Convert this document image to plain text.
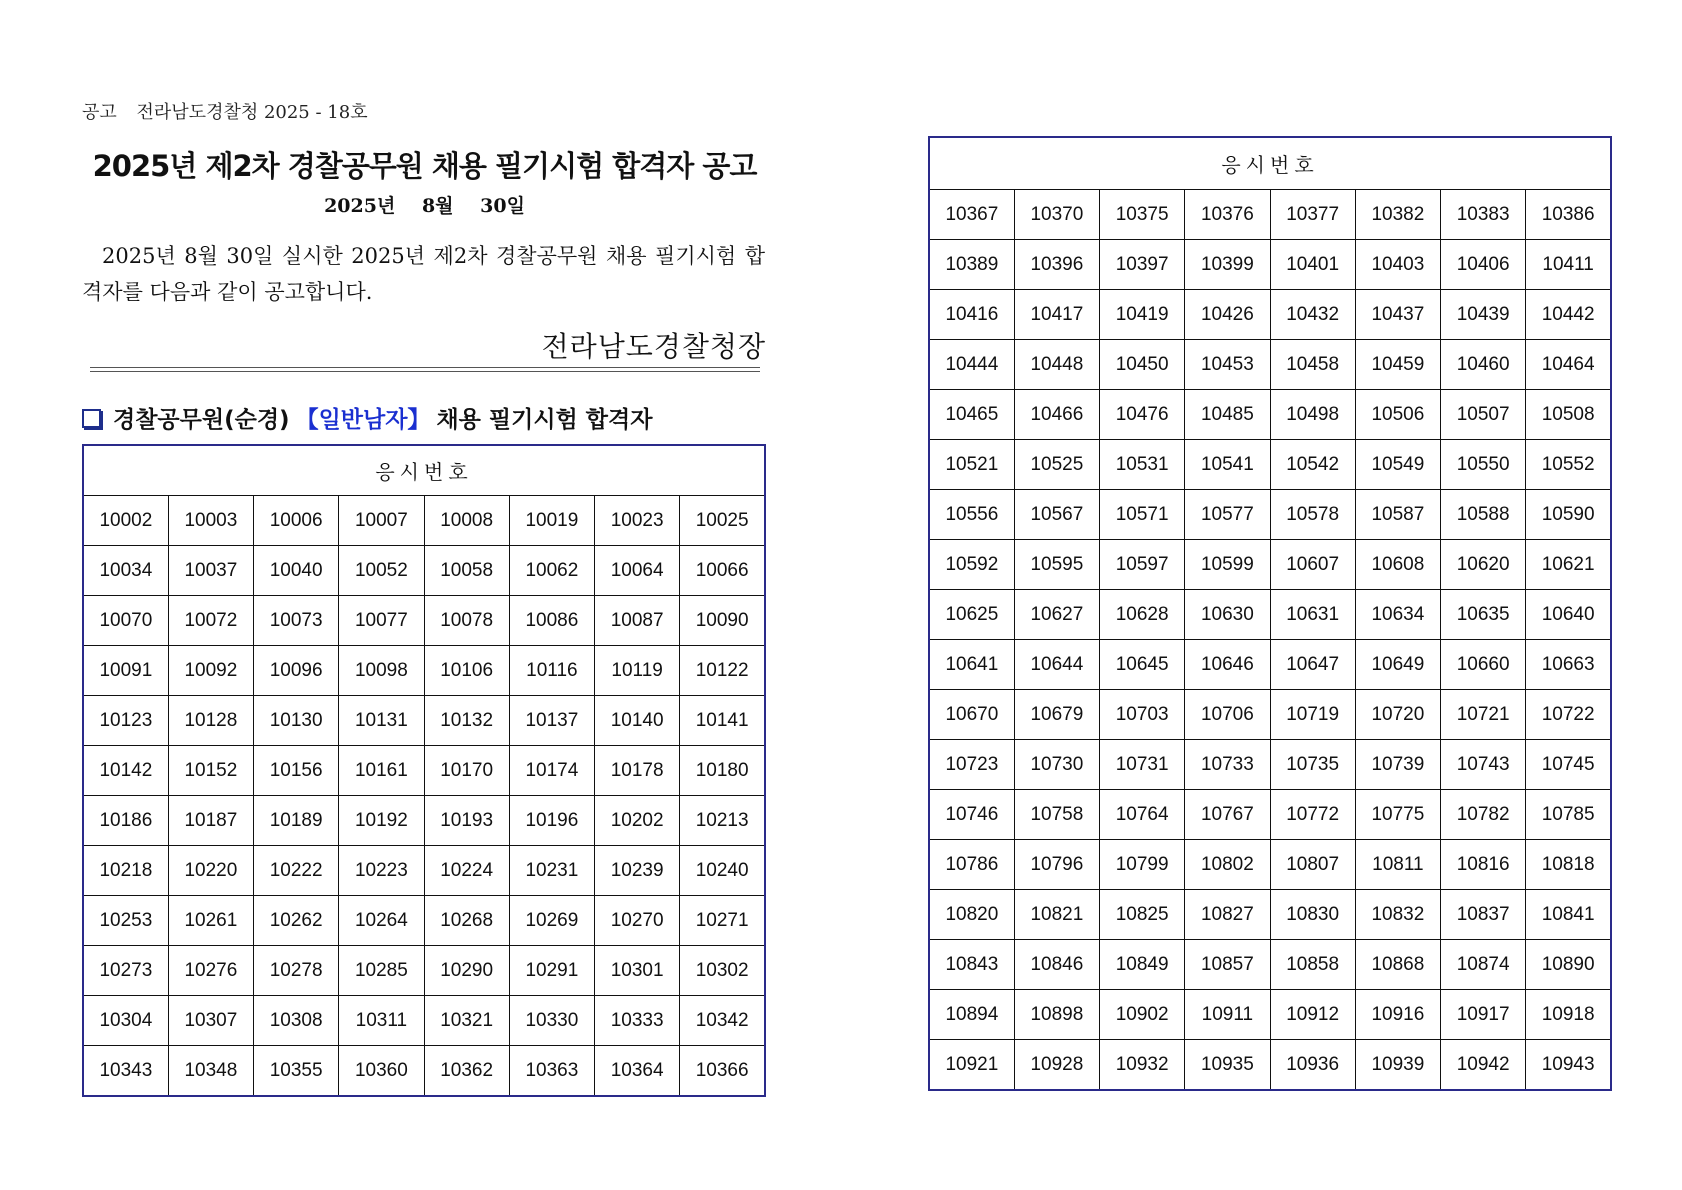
공고 전라남도경찰청 2025 - 18호
2025년 제2차 경찰공무원 채용 필기시험 합격자 공고
2025년 8월 30일
2025년 8월 30일 실시한 2025년 제2차 경찰공무원 채용 필기시험 합격자를 다음과 같이 공고합니다.
전라남도경찰청장
경찰공무원(순경) 【일반남자】 채용 필기시험 합격자
응시번호							
10002	10003	10006	10007	10008	10019	10023	10025
10034	10037	10040	10052	10058	10062	10064	10066
10070	10072	10073	10077	10078	10086	10087	10090
10091	10092	10096	10098	10106	10116	10119	10122
10123	10128	10130	10131	10132	10137	10140	10141
10142	10152	10156	10161	10170	10174	10178	10180
10186	10187	10189	10192	10193	10196	10202	10213
10218	10220	10222	10223	10224	10231	10239	10240
10253	10261	10262	10264	10268	10269	10270	10271
10273	10276	10278	10285	10290	10291	10301	10302
10304	10307	10308	10311	10321	10330	10333	10342
10343	10348	10355	10360	10362	10363	10364	10366
응시번호							
10367	10370	10375	10376	10377	10382	10383	10386
10389	10396	10397	10399	10401	10403	10406	10411
10416	10417	10419	10426	10432	10437	10439	10442
10444	10448	10450	10453	10458	10459	10460	10464
10465	10466	10476	10485	10498	10506	10507	10508
10521	10525	10531	10541	10542	10549	10550	10552
10556	10567	10571	10577	10578	10587	10588	10590
10592	10595	10597	10599	10607	10608	10620	10621
10625	10627	10628	10630	10631	10634	10635	10640
10641	10644	10645	10646	10647	10649	10660	10663
10670	10679	10703	10706	10719	10720	10721	10722
10723	10730	10731	10733	10735	10739	10743	10745
10746	10758	10764	10767	10772	10775	10782	10785
10786	10796	10799	10802	10807	10811	10816	10818
10820	10821	10825	10827	10830	10832	10837	10841
10843	10846	10849	10857	10858	10868	10874	10890
10894	10898	10902	10911	10912	10916	10917	10918
10921	10928	10932	10935	10936	10939	10942	10943
